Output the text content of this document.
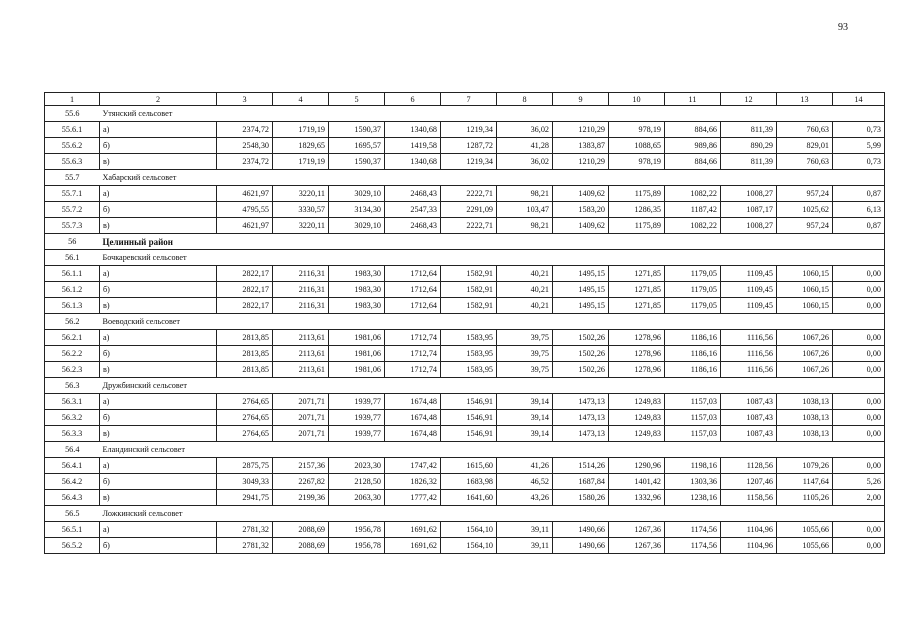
93
1	2	3	4	5	6	7	8	9	10	11	12	13	14
55.6	Утянский сельсовет												
55.6.1	а)	2374,72	1719,19	1590,37	1340,68	1219,34	36,02	1210,29	978,19	884,66	811,39	760,63	0,73
55.6.2	б)	2548,30	1829,65	1695,57	1419,58	1287,72	41,28	1383,87	1088,65	989,86	890,29	829,01	5,99
55.6.3	в)	2374,72	1719,19	1590,37	1340,68	1219,34	36,02	1210,29	978,19	884,66	811,39	760,63	0,73
55.7	Хабарский сельсовет												
55.7.1	а)	4621,97	3220,11	3029,10	2468,43	2222,71	98,21	1409,62	1175,89	1082,22	1008,27	957,24	0,87
55.7.2	б)	4795,55	3330,57	3134,30	2547,33	2291,09	103,47	1583,20	1286,35	1187,42	1087,17	1025,62	6,13
55.7.3	в)	4621,97	3220,11	3029,10	2468,43	2222,71	98,21	1409,62	1175,89	1082,22	1008,27	957,24	0,87
56	Целинный район												
56.1	Бочкаревский сельсовет												
56.1.1	а)	2822,17	2116,31	1983,30	1712,64	1582,91	40,21	1495,15	1271,85	1179,05	1109,45	1060,15	0,00
56.1.2	б)	2822,17	2116,31	1983,30	1712,64	1582,91	40,21	1495,15	1271,85	1179,05	1109,45	1060,15	0,00
56.1.3	в)	2822,17	2116,31	1983,30	1712,64	1582,91	40,21	1495,15	1271,85	1179,05	1109,45	1060,15	0,00
56.2	Воеводский сельсовет												
56.2.1	а)	2813,85	2113,61	1981,06	1712,74	1583,95	39,75	1502,26	1278,96	1186,16	1116,56	1067,26	0,00
56.2.2	б)	2813,85	2113,61	1981,06	1712,74	1583,95	39,75	1502,26	1278,96	1186,16	1116,56	1067,26	0,00
56.2.3	в)	2813,85	2113,61	1981,06	1712,74	1583,95	39,75	1502,26	1278,96	1186,16	1116,56	1067,26	0,00
56.3	Дружбинский сельсовет												
56.3.1	а)	2764,65	2071,71	1939,77	1674,48	1546,91	39,14	1473,13	1249,83	1157,03	1087,43	1038,13	0,00
56.3.2	б)	2764,65	2071,71	1939,77	1674,48	1546,91	39,14	1473,13	1249,83	1157,03	1087,43	1038,13	0,00
56.3.3	в)	2764,65	2071,71	1939,77	1674,48	1546,91	39,14	1473,13	1249,83	1157,03	1087,43	1038,13	0,00
56.4	Еландинский сельсовет												
56.4.1	а)	2875,75	2157,36	2023,30	1747,42	1615,60	41,26	1514,26	1290,96	1198,16	1128,56	1079,26	0,00
56.4.2	б)	3049,33	2267,82	2128,50	1826,32	1683,98	46,52	1687,84	1401,42	1303,36	1207,46	1147,64	5,26
56.4.3	в)	2941,75	2199,36	2063,30	1777,42	1641,60	43,26	1580,26	1332,96	1238,16	1158,56	1105,26	2,00
56.5	Ложкинский сельсовет												
56.5.1	а)	2781,32	2088,69	1956,78	1691,62	1564,10	39,11	1490,66	1267,36	1174,56	1104,96	1055,66	0,00
56.5.2	б)	2781,32	2088,69	1956,78	1691,62	1564,10	39,11	1490,66	1267,36	1174,56	1104,96	1055,66	0,00
